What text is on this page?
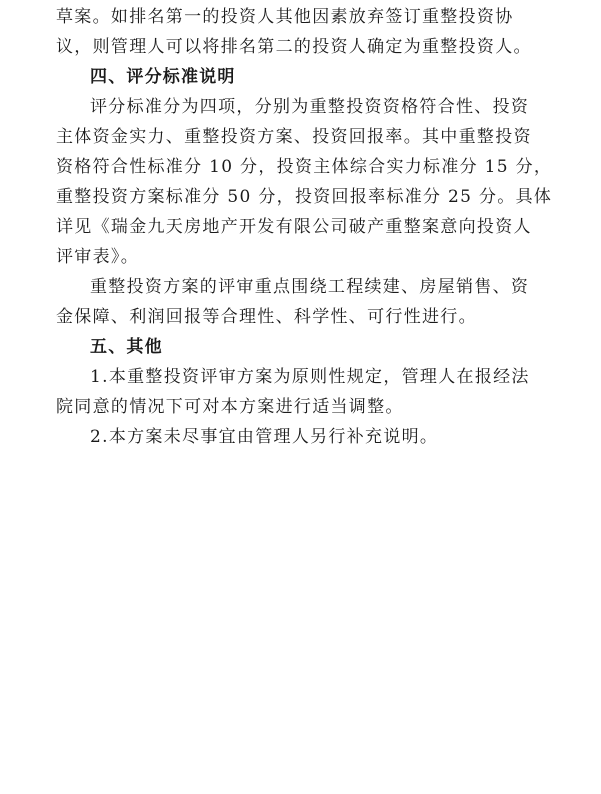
草案。如排名第一的投资人其他因素放弃签订重整投资协
议，则管理人可以将排名第二的投资人确定为重整投资人。
四、评分标准说明
评分标准分为四项，分别为重整投资资格符合性、投资
主体资金实力、重整投资方案、投资回报率。其中重整投资
资格符合性标准分 10 分，投资主体综合实力标准分 15 分，
重整投资方案标准分 50 分，投资回报率标准分 25 分。具体
详见《瑞金九天房地产开发有限公司破产重整案意向投资人
评审表》。
重整投资方案的评审重点围绕工程续建、房屋销售、资
金保障、利润回报等合理性、科学性、可行性进行。
五、其他
1.本重整投资评审方案为原则性规定，管理人在报经法
院同意的情况下可对本方案进行适当调整。
2.本方案未尽事宜由管理人另行补充说明。
